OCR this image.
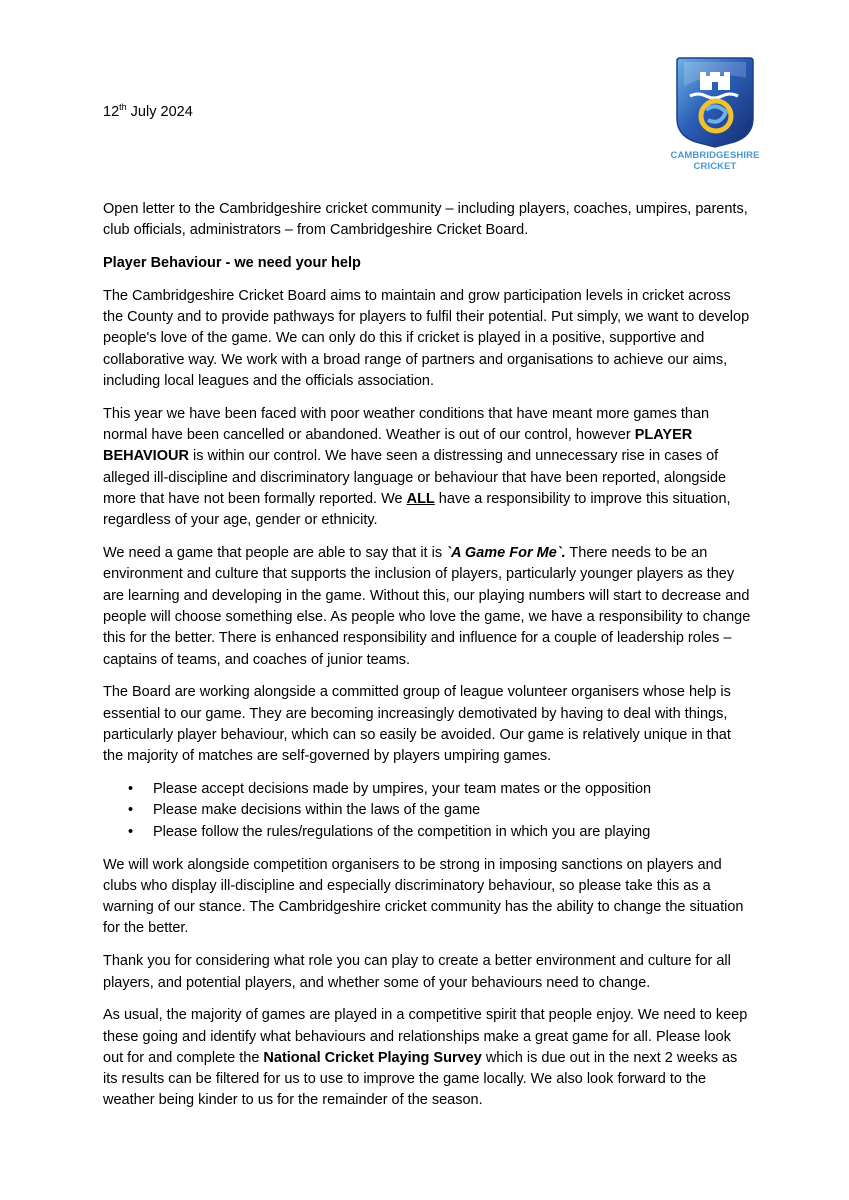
12th July 2024
CAMBRIDGESHIRE
CRICKET

Open letter to the Cambridgeshire cricket community – including players, coaches, umpires, parents, club officials, administrators – from Cambridgeshire Cricket Board.

Player Behaviour - we need your help

The Cambridgeshire Cricket Board aims to maintain and grow participation levels in cricket across the County and to provide pathways for players to fulfil their potential. Put simply, we want to develop people's love of the game. We can only do this if cricket is played in a positive, supportive and collaborative way. We work with a broad range of partners and organisations to achieve our aims, including local leagues and the officials association.

This year we have been faced with poor weather conditions that have meant more games than normal have been cancelled or abandoned. Weather is out of our control, however PLAYER BEHAVIOUR is within our control. We have seen a distressing and unnecessary rise in cases of alleged ill-discipline and discriminatory language or behaviour that have been reported, alongside more that have not been formally reported. We ALL have a responsibility to improve this situation, regardless of your age, gender or ethnicity.

We need a game that people are able to say that it is `A Game For Me`. There needs to be an environment and culture that supports the inclusion of players, particularly younger players as they are learning and developing in the game. Without this, our playing numbers will start to decrease and people will choose something else. As people who love the game, we have a responsibility to change this for the better. There is enhanced responsibility and influence for a couple of leadership roles – captains of teams, and coaches of junior teams.

The Board are working alongside a committed group of league volunteer organisers whose help is essential to our game. They are becoming increasingly demotivated by having to deal with things, particularly player behaviour, which can so easily be avoided. Our game is relatively unique in that the majority of matches are self-governed by players umpiring games.

• Please accept decisions made by umpires, your team mates or the opposition
• Please make decisions within the laws of the game
• Please follow the rules/regulations of the competition in which you are playing

We will work alongside competition organisers to be strong in imposing sanctions on players and clubs who display ill-discipline and especially discriminatory behaviour, so please take this as a warning of our stance. The Cambridgeshire cricket community has the ability to change the situation for the better.

Thank you for considering what role you can play to create a better environment and culture for all players, and potential players, and whether some of your behaviours need to change.

As usual, the majority of games are played in a competitive spirit that people enjoy. We need to keep these going and identify what behaviours and relationships make a great game for all. Please look out for and complete the National Cricket Playing Survey which is due out in the next 2 weeks as its results can be filtered for us to use to improve the game locally. We also look forward to the weather being kinder to us for the remainder of the season.
